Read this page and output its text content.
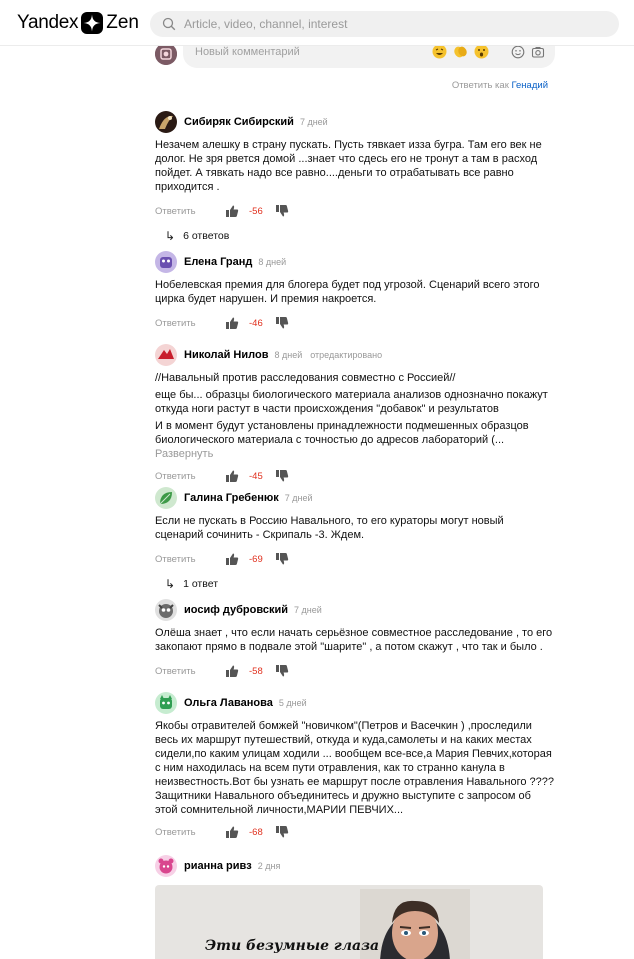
Yandex Zen
Article, video, channel, interest
Новый комментарий
Ответить как Генадий
Сибиряк Сибирский 7 дней

Незачем алешку в страну пускать. Пусть тявкает изза бугра. Там его век не долог. Не зря рвется домой ...знает что сдесь его не тронут а там в расход пойдет. А тявкать надо все равно....деньги то отрабатывать все равно приходится .

Ответить	-56
↳ 6 ответов
Елена Гранд 8 дней

Нобелевская премия для блогера будет под угрозой. Сценарий всего этого цирка будет нарушен. И премия накроется.

Ответить	-46
Николай Нилов 8 дней отредактировано

//Навальный против расследования совместно с Россией//

еще бы... образцы биологического материала анализов однозначно покажут откуда ноги растут в части происхождения "добавок" и результатов

И в момент будут установлены принадлежности подмешенных образцов биологического материала с точностью до адресов лабораторий (... Развернуть

Ответить	-45
Галина Гребенюк 7 дней

Если не пускать в Россию Навального, то его кураторы могут новый сценарий сочинить - Скрипаль -3. Ждем.

Ответить	-69
↳ 1 ответ
иосиф дубровский 7 дней

Олёша знает , что если начать серьёзное совместное расследование , то его закопают прямо в подвале этой "шарите" , а потом скажут , что так и было .

Ответить	-58
Ольга Лаванова 5 дней

Якобы отравителей бомжей "новичком"(Петров и Васечкин ) ,проследили весь их маршрут путешествий, откуда и куда,самолеты и на каких местах сидели,по каким улицам ходили ... вообщем все-все,а Мария Певчих,которая с ним находилась на всем пути отравления, как то странно канула в неизвестность.Вот бы узнать ее маршрут после отравления Навального ???? Защитники Навального объединитесь и дружно выступите с запросом об этой сомнительной личности,МАРИИ ПЕВЧИХ...

Ответить	-68
рианна ривз 2 дня
Эти безумные глаза
